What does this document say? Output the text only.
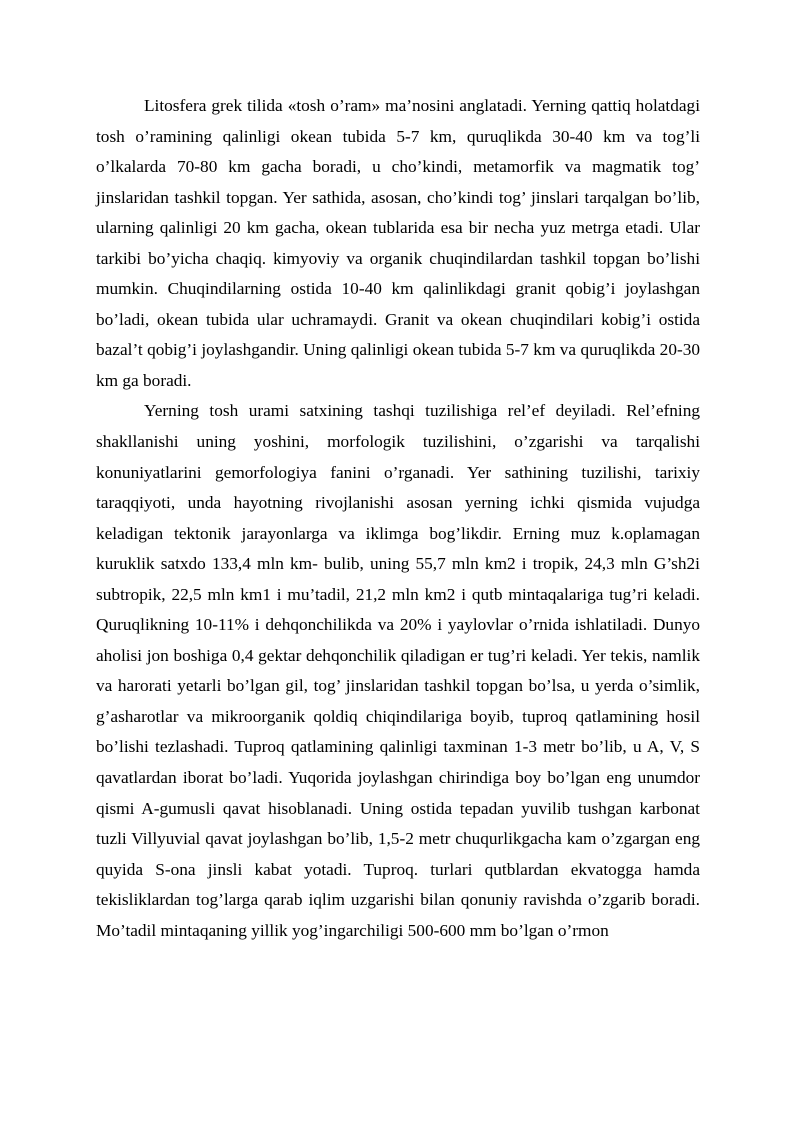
Litosfera grek tilida «tosh o’ram» ma’nosini anglatadi. Yerning qattiq holatdagi tosh o’ramining qalinligi okean tubida 5-7 km, quruqlikda 30-40 km va tog’li o’lkalarda 70-80 km gacha boradi, u cho’kindi, metamorfik va magmatik tog’ jinslaridan tashkil topgan. Yer sathida, asosan, cho’kindi tog’ jinslari tarqalgan bo’lib, ularning qalinligi 20 km gacha, okean tublarida esa bir necha yuz metrga etadi. Ular tarkibi bo’yicha chaqiq. kimyoviy va organik chuqindilardan tashkil topgan bo’lishi mumkin. Chuqindilarning ostida 10-40 km qalinlikdagi granit qobig’i joylashgan bo’ladi, okean tubida ular uchramaydi. Granit va okean chuqindilari kobig’i ostida bazal’t qobig’i joylashgandir. Uning qalinligi okean tubida 5-7 km va quruqlikda 20-30 km ga boradi.

Yerning tosh urami satxining tashqi tuzilishiga rel’ef deyiladi. Rel’efning shakllanishi uning yoshini, morfologik tuzilishini, o’zgarishi va tarqalishi konuniyatlarini gemorfologiya fanini o’rganadi. Yer sathining tuzilishi, tarixiy taraqqiyoti, unda hayotning rivojlanishi asosan yerning ichki qismida vujudga keladigan tektonik jarayonlarga va iklimga bog’likdir. Erning muz k.oplamagan kuruklik satxdo 133,4 mln km- bulib, uning 55,7 mln km2 i tropik, 24,3 mln G’sh2i subtropik, 22,5 mln km1 i mu’tadil, 21,2 mln km2 i qutb mintaqalariga tug’ri keladi. Quruqlikning 10-11% i dehqonchilikda va 20% i yaylovlar o’rnida ishlatiladi. Dunyo aholisi jon boshiga 0,4 gektar dehqonchilik qiladigan er tug’ri keladi. Yer tekis, namlik va harorati yetarli bo’lgan gil, tog’ jinslaridan tashkil topgan bo’lsa, u yerda o’simlik, g’asharotlar va mikroorganik qoldiq chiqindilariga boyib, tuproq qatlamining hosil bo’lishi tezlashadi. Tuproq qatlamining qalinligi taxminan 1-3 metr bo’lib, u A, V, S qavatlardan iborat bo’ladi. Yuqorida joylashgan chirindiga boy bo’lgan eng unumdor qismi A-gumusli qavat hisoblanadi. Uning ostida tepadan yuvilib tushgan karbonat tuzli Villyuvial qavat joylashgan bo’lib, 1,5-2 metr chuqurlikgacha kam o’zgargan eng quyida S-ona jinsli kabat yotadi. Tuproq. turlari qutblardan ekvatogga hamda tekisliklardan tog’larga qarab iqlim uzgarishi bilan qonuniy ravishda o’zgarib boradi. Mo’tadil mintaqaning yillik yog’ingarchiligi 500-600 mm bo’lgan o’rmon
